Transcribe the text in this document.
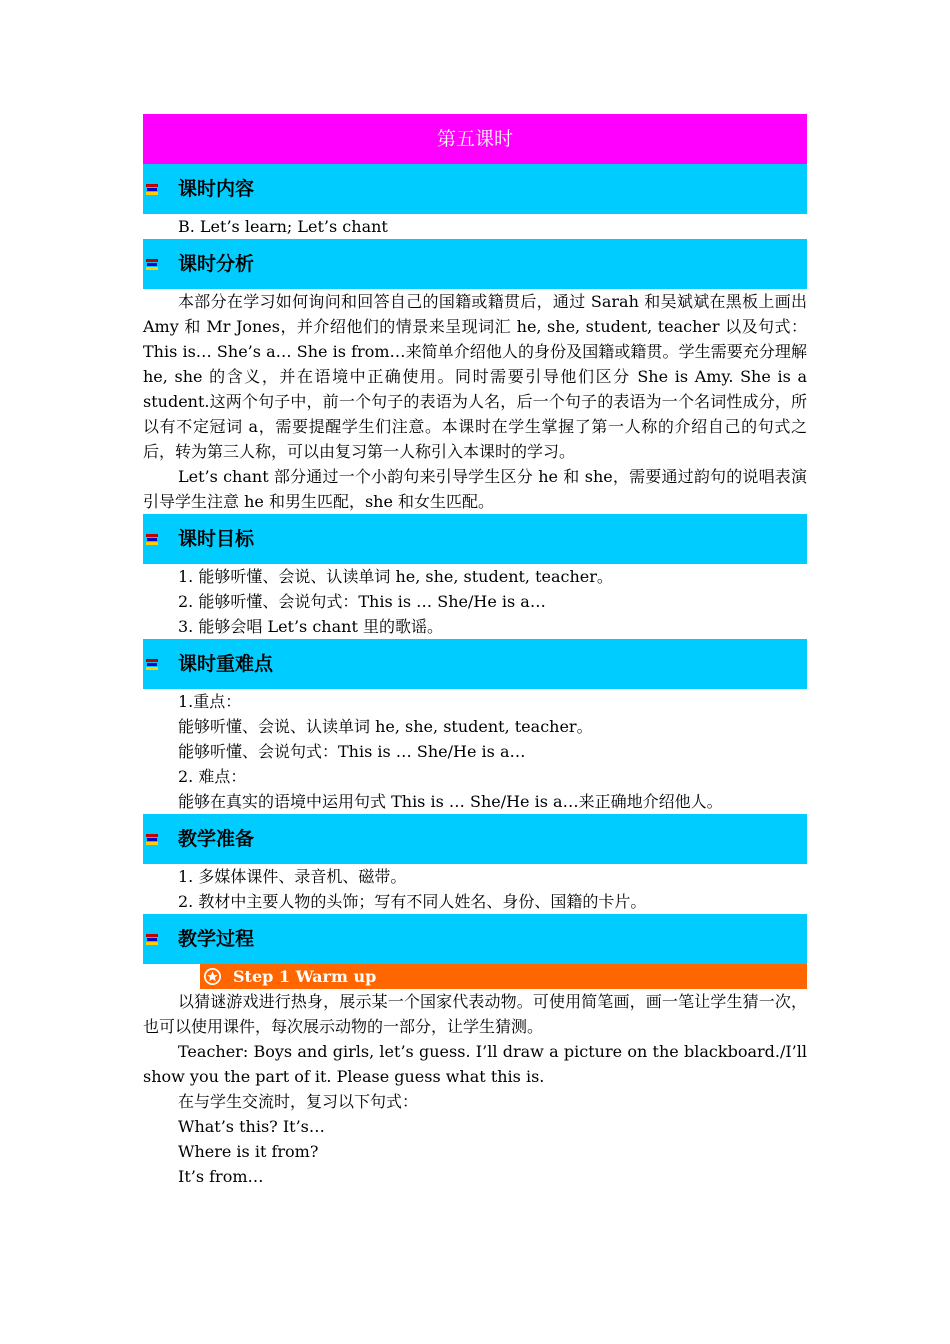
第五课时
课时内容

B. Let’s learn; Let’s chant

课时分析

本部分在学习如何询问和回答自己的国籍或籍贯后，通过 Sarah 和吴斌斌在黑板上画出 Amy 和 Mr Jones，并介绍他们的情景来呈现词汇 he, she, student, teacher 以及句式：This is… She’s a… She is from…来简单介绍他人的身份及国籍或籍贯。学生需要充分理解 he, she 的含义，并在语境中正确使用。同时需要引导他们区分 She is Amy. She is a student.这两个句子中，前一个句子的表语为人名，后一个句子的表语为一个名词性成分，所以有不定冠词 a，需要提醒学生们注意。本课时在学生掌握了第一人称的介绍自己的句式之后，转为第三人称，可以由复习第一人称引入本课时的学习。

Let’s chant 部分通过一个小韵句来引导学生区分 he 和 she，需要通过韵句的说唱表演引导学生注意 he 和男生匹配，she 和女生匹配。

课时目标

1. 能够听懂、会说、认读单词 he, she, student, teacher。

2. 能够听懂、会说句式：This is … She/He is a…

3. 能够会唱 Let’s chant 里的歌谣。

课时重难点

1.重点：

能够听懂、会说、认读单词 he, she, student, teacher。

能够听懂、会说句式：This is … She/He is a…

2. 难点：

能够在真实的语境中运用句式 This is … She/He is a…来正确地介绍他人。

教学准备

1. 多媒体课件、录音机、磁带。

2. 教材中主要人物的头饰；写有不同人姓名、身份、国籍的卡片。

教学过程
Step 1 Warm up

以猜谜游戏进行热身，展示某一个国家代表动物。可使用简笔画，画一笔让学生猜一次，也可以使用课件，每次展示动物的一部分，让学生猜测。

Teacher: Boys and girls, let’s guess. I’ll draw a picture on the blackboard./I’ll show you the part of it. Please guess what this is.

在与学生交流时，复习以下句式：

What’s this? It’s…

Where is it from?

It’s from…
